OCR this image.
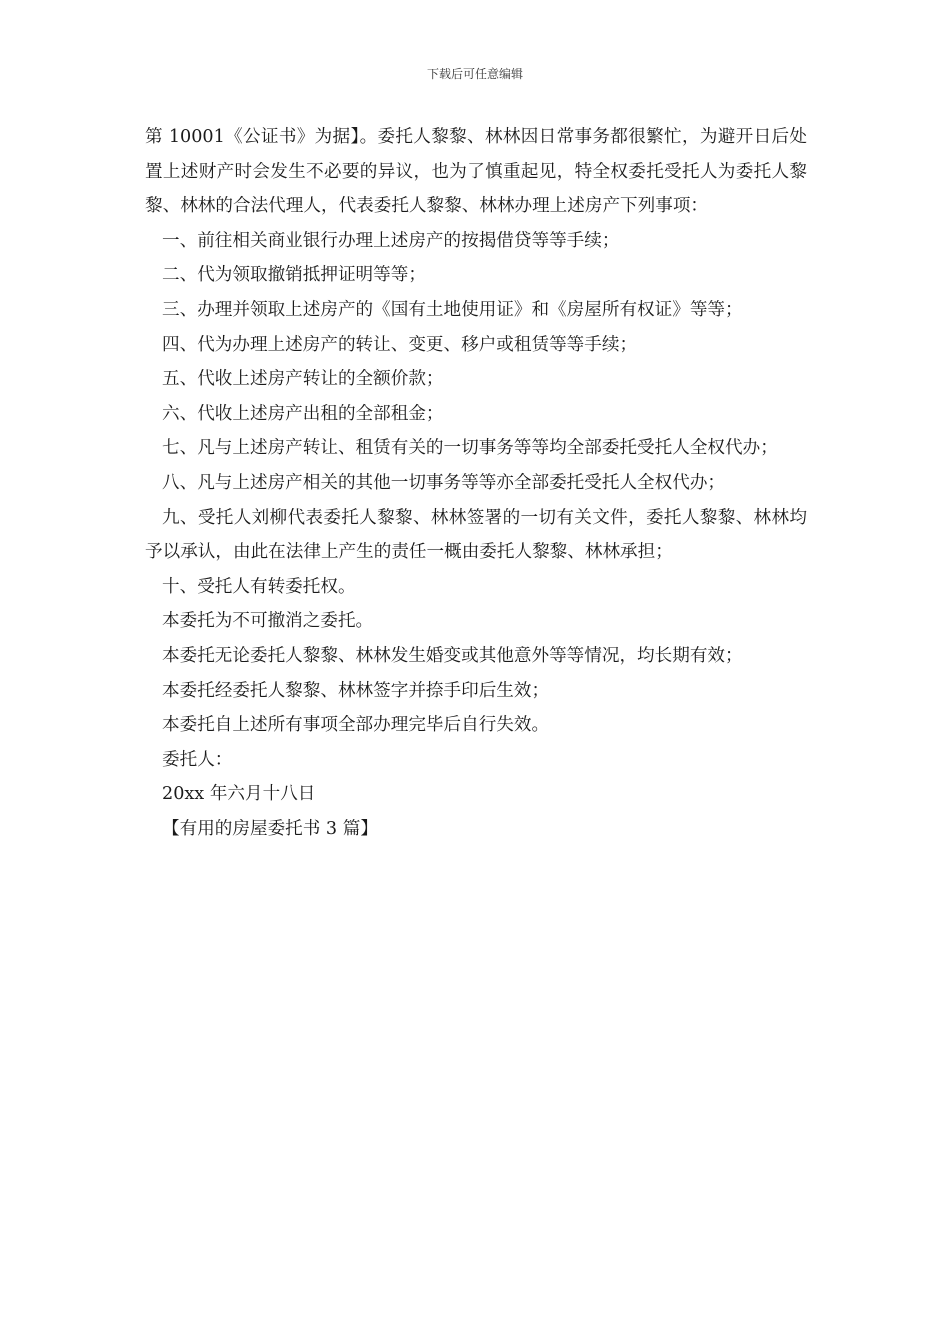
下载后可任意编辑

第 10001《公证书》为据】。委托人黎黎、林林因日常事务都很繁忙，为避开日后处置上述财产时会发生不必要的异议，也为了慎重起见，特全权委托受托人为委托人黎黎、林林的合法代理人，代表委托人黎黎、林林办理上述房产下列事项：

一、前往相关商业银行办理上述房产的按揭借贷等等手续；

二、代为领取撤销抵押证明等等；

三、办理并领取上述房产的《国有土地使用证》和《房屋所有权证》等等；

四、代为办理上述房产的转让、变更、移户或租赁等等手续；

五、代收上述房产转让的全额价款；

六、代收上述房产出租的全部租金；

七、凡与上述房产转让、租赁有关的一切事务等等均全部委托受托人全权代办；

八、凡与上述房产相关的其他一切事务等等亦全部委托受托人全权代办；

九、受托人刘柳代表委托人黎黎、林林签署的一切有关文件，委托人黎黎、林林均予以承认，由此在法律上产生的责任一概由委托人黎黎、林林承担；

十、受托人有转委托权。

本委托为不可撤消之委托。

本委托无论委托人黎黎、林林发生婚变或其他意外等等情况，均长期有效；

本委托经委托人黎黎、林林签字并捺手印后生效；

本委托自上述所有事项全部办理完毕后自行失效。

委托人：

20xx 年六月十八日

【有用的房屋委托书 3 篇】
